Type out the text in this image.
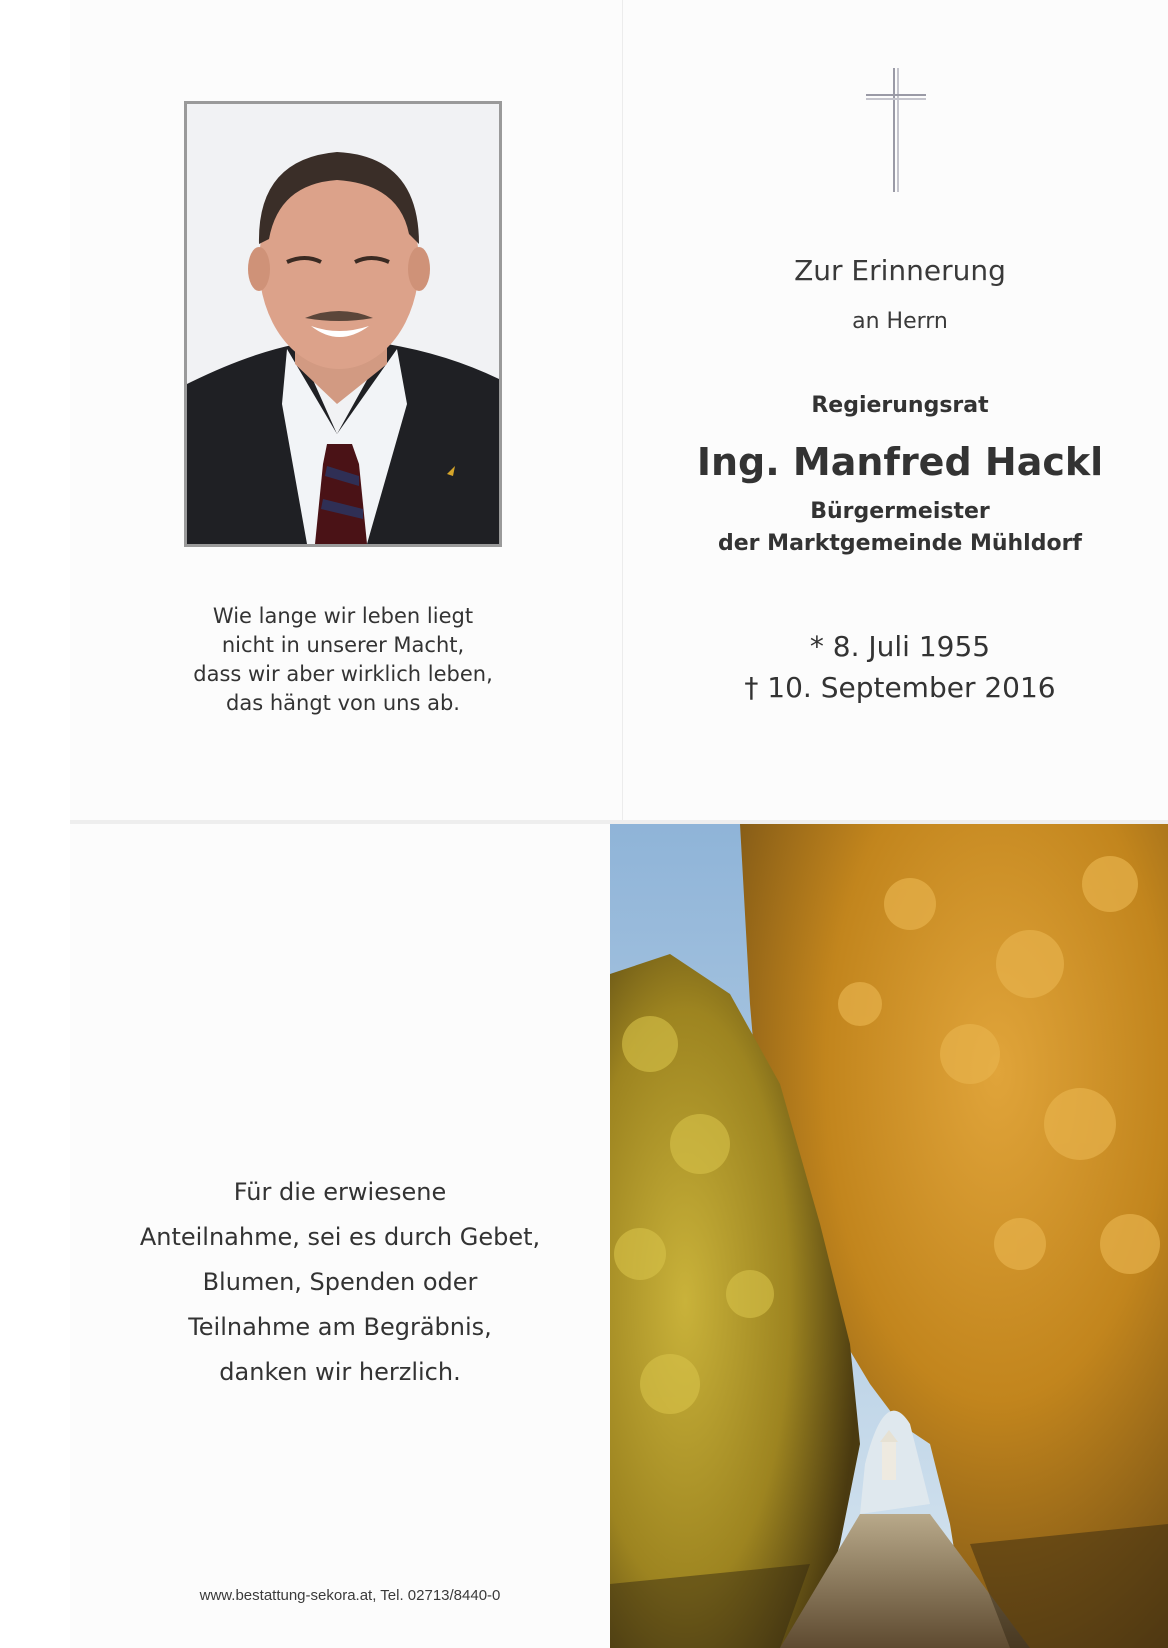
Wie lange wir leben liegt
nicht in unserer Macht,
dass wir aber wirklich leben,
das hängt von uns ab.
Zur Erinnerung
an Herrn
Regierungsrat
Ing. Manfred Hackl
Bürgermeister
der Marktgemeinde Mühldorf
* 8. Juli 1955
† 10. September 2016
Für die erwiesene
Anteilnahme, sei es durch Gebet,
Blumen, Spenden oder
Teilnahme am Begräbnis,
danken wir herzlich.
www.bestattung-sekora.at, Tel. 02713/8440-0
